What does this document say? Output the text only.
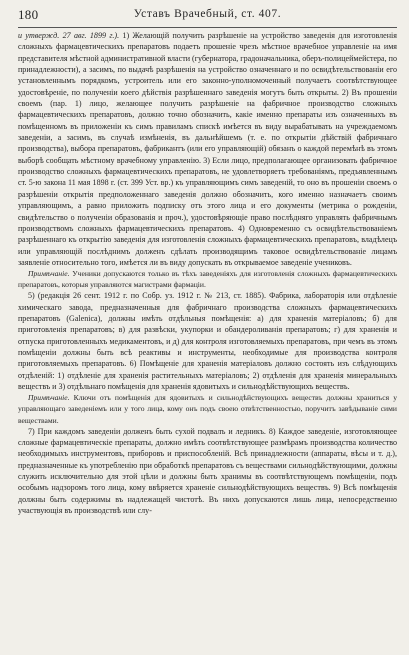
180	Уставъ Врачебный, ст. 407.

и утвержд. 27 авг. 1899 г.). 1) Желающій получить разрѣшеніе на устройство заведенія для изготовленія сложныхъ фармацевтическихъ препаратовъ подаетъ прошеніе чрезъ мѣстное врачебное управленіе на имя представителя мѣстной административной власти (губернатора, градоначальника, оберъ-полицеймейстера, по принадлежности), а засимъ, по выдачѣ разрѣшенія на устройство означеннаго и по освидѣтельствованіи его установленнымъ порядкомъ, устроитель или его законно-уполномоченный получаетъ соотвѣтствующее удостовѣреніе, по полученіи коего дѣйствія разрѣшеннаго заведенія могутъ быть открыты. 2) Въ прошеніи своемъ (пар. 1) лицо, желающее получить разрѣшеніе на фабричное производство сложныхъ фармацевтическихъ препаратовъ, должно точно обозначить, какіе именно препараты изъ означенныхъ въ помѣщенномъ въ приложеніи къ симъ правиламъ спискѣ имѣется въ виду вырабатывать на учреждаемомъ заведеніи, а засимъ, въ случаѣ измѣненія, въ дальнѣйшемъ (т. е. по открытіи дѣйствій фабричнаго производства), выбора препаратовъ, фабрикантъ (или его управляющій) обязанъ о каждой перемѣнѣ въ этомъ выборѣ сообщать мѣстному врачебному управленію. 3) Если лицо, предполагающее организовать фабричное производство сложныхъ фармацевтическихъ препаратовъ, не удовлетворяетъ требованіямъ, предъявленнымъ ст. 5-ю закона 11 мая 1898 г. (ст. 399 Уст. вр.) къ управляющимъ симъ заведеній, то оно въ прошеніи своемъ о разрѣшеніи открытія предположеннаго заведенія должно обозначить, кого именно назначаетъ своимъ управляющимъ, а равно приложить подписку отъ этого лица и его документы (метрика о рожденіи, свидѣтельство о полученіи образованія и проч.), удостовѣряющіе право послѣдняго управлять фабричнымъ производствомъ сложныхъ фармацевтическихъ препаратовъ. 4) Одновременно съ освидѣтельствованіемъ разрѣшеннаго къ открытію заведенія для изготовленія сложныхъ фармацевтическихъ препаратовъ, владѣлецъ или управляющій послѣднимъ долженъ сдѣлать производящимъ таковое освидѣтельствованіе лицамъ заявленіе относительно того, имѣется ли въ виду допускать въ открываемое заведеніе учениковъ.

Примѣчаніе. Ученики допускаются только въ тѣхъ заведеніяхъ для изготовленія сложныхъ фармацевтическихъ препаратовъ, которыя управляются магистрами фармаціи.

5) (редакція 26 сент. 1912 г. по Собр. уз. 1912 г. № 213, ст. 1885). Фабрика, лабораторія или отдѣленіе химическаго завода, предназначенныя для фабричнаго производства сложныхъ фармацевтическихъ препаратовъ (Galenica), должны имѣть отдѣльныя помѣщенія: а) для храненія матеріаловъ; б) для приготовленія препаратовъ; в) для развѣски, укупорки и обандероливанія препаратовъ; г) для храненія и отпуска приготовленныхъ медикаментовъ, и д) для контроля изготовляемыхъ препаратовъ, при чемъ въ этомъ помѣщеніи должны быть всѣ реактивы и инструменты, необходимые для производства контроля приготовляемыхъ препаратовъ. 6) Помѣщеніе для храненія матеріаловъ должно состоять изъ слѣдующихъ отдѣленій: 1) отдѣленіе для храненія растительныхъ матеріаловъ; 2) отдѣленія для храненія минеральныхъ веществъ и 3) отдѣльнаго помѣщенія для храненія ядовитыхъ и сильнодѣйствующихъ веществъ.

Примѣчаніе. Ключи отъ помѣщенія для ядовитыхъ и сильнодѣйствующихъ веществъ должны храниться у управляющаго заведеніемъ или у того лица, кому онъ подъ своею отвѣтственностью, поручитъ завѣдываніе сими веществами.

7) При каждомъ заведеніи долженъ быть сухой подвалъ и ледникъ. 8) Каждое заведеніе, изготовляющее сложные фармацевтическіе препараты, должно имѣть соотвѣтствующее размѣрамъ производства количество необходимыхъ инструментовъ, приборовъ и приспособленій. Всѣ принадлежности (аппараты, вѣсы и т. д.), предназначенные къ употребленію при обработкѣ препаратовъ съ веществами сильнодѣйствующими, должны служить исключительно для этой цѣли и должны быть хранимы въ соотвѣтствующемъ помѣщеніи, подъ особымъ надзоромъ того лица, кому ввѣряется храненіе сильнодѣйствующихъ веществъ. 9) Всѣ помѣщенія должны быть содержимы въ надлежащей чистотѣ. Въ нихъ допускаются лишь лица, непосредственно участвующія въ производствѣ или слу-
